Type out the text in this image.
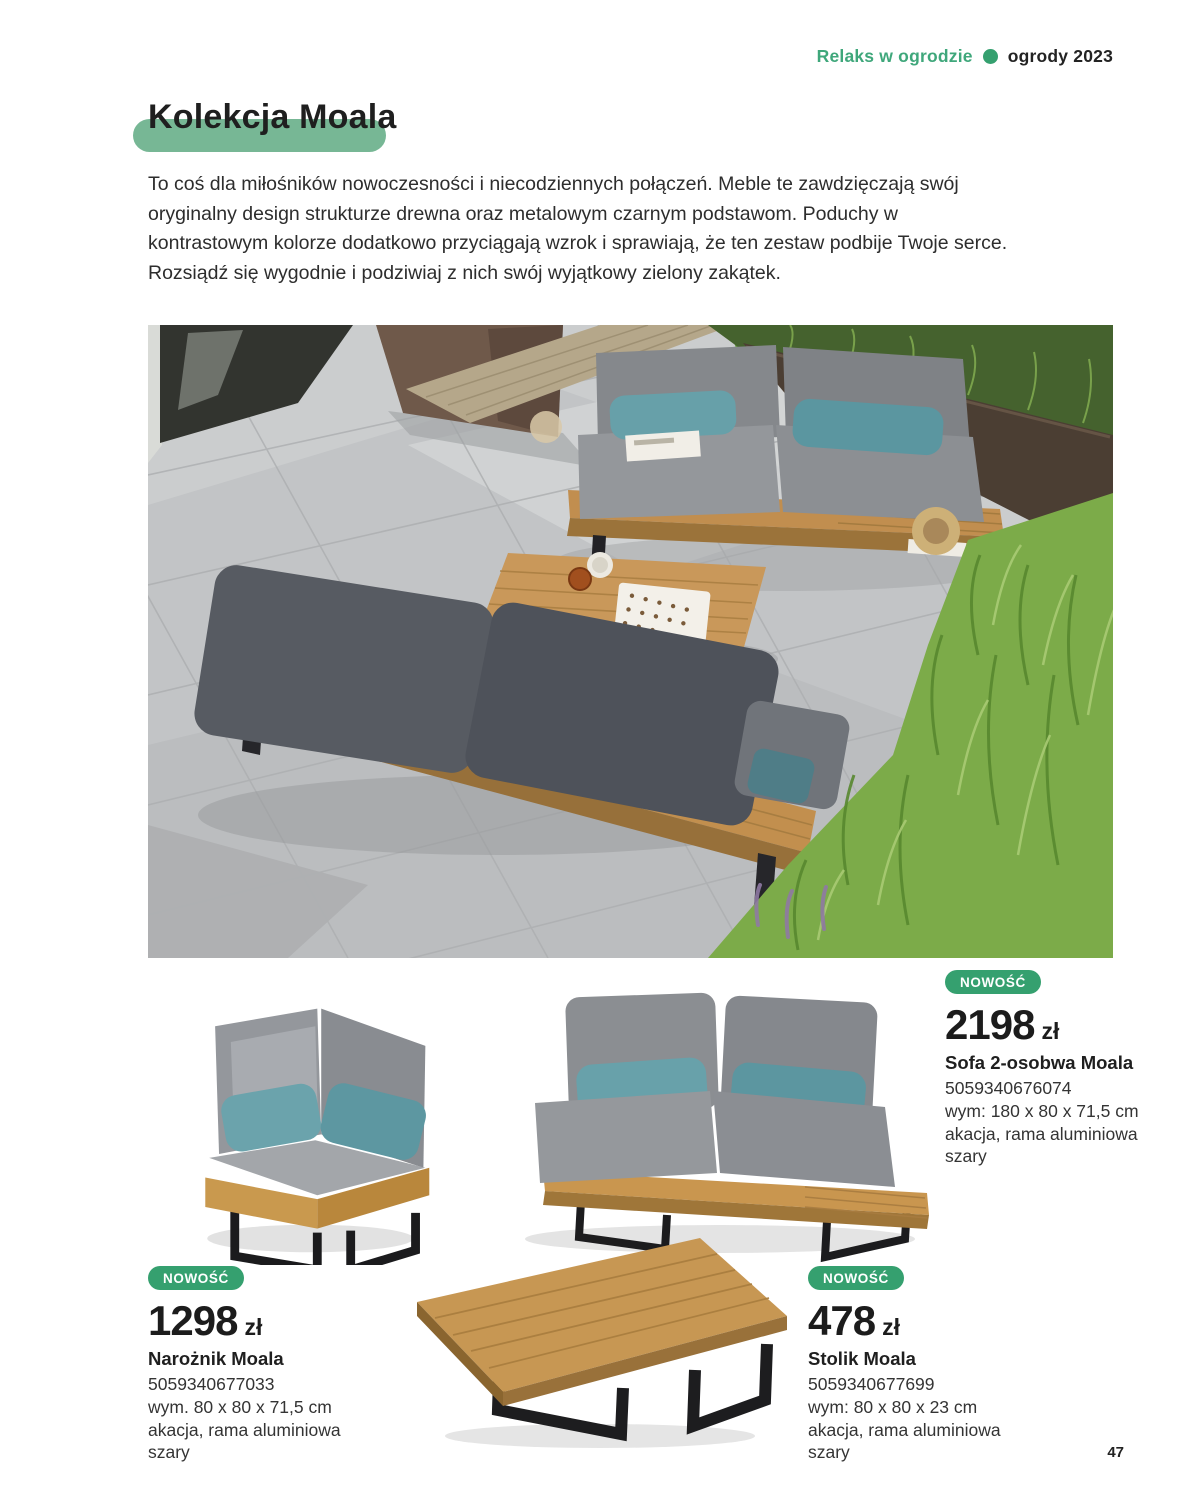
Relaks w ogrodzie ogrody 2023
Kolekcja Moala
To coś dla miłośników nowoczesności i niecodziennych połączeń. Meble te zawdzięczają swój oryginalny design strukturze drewna oraz metalowym czarnym podstawom. Poduchy w kontrastowym kolorze dodatkowo przyciągają wzrok i sprawiają, że ten zestaw podbije Twoje serce. Rozsiądź się wygodnie i podziwiaj z nich swój wyjątkowy zielony zakątek.
NOWOŚĆ
2198 zł
Sofa 2-osobwa Moala
5059340676074
wym: 180 x 80 x 71,5 cm
akacja, rama aluminiowa
szary
NOWOŚĆ
1298 zł
Narożnik Moala
5059340677033
wym. 80 x 80 x 71,5 cm
akacja, rama aluminiowa
szary
NOWOŚĆ
478 zł
Stolik Moala
5059340677699
wym: 80 x 80 x 23 cm
akacja, rama aluminiowa
szary	47
